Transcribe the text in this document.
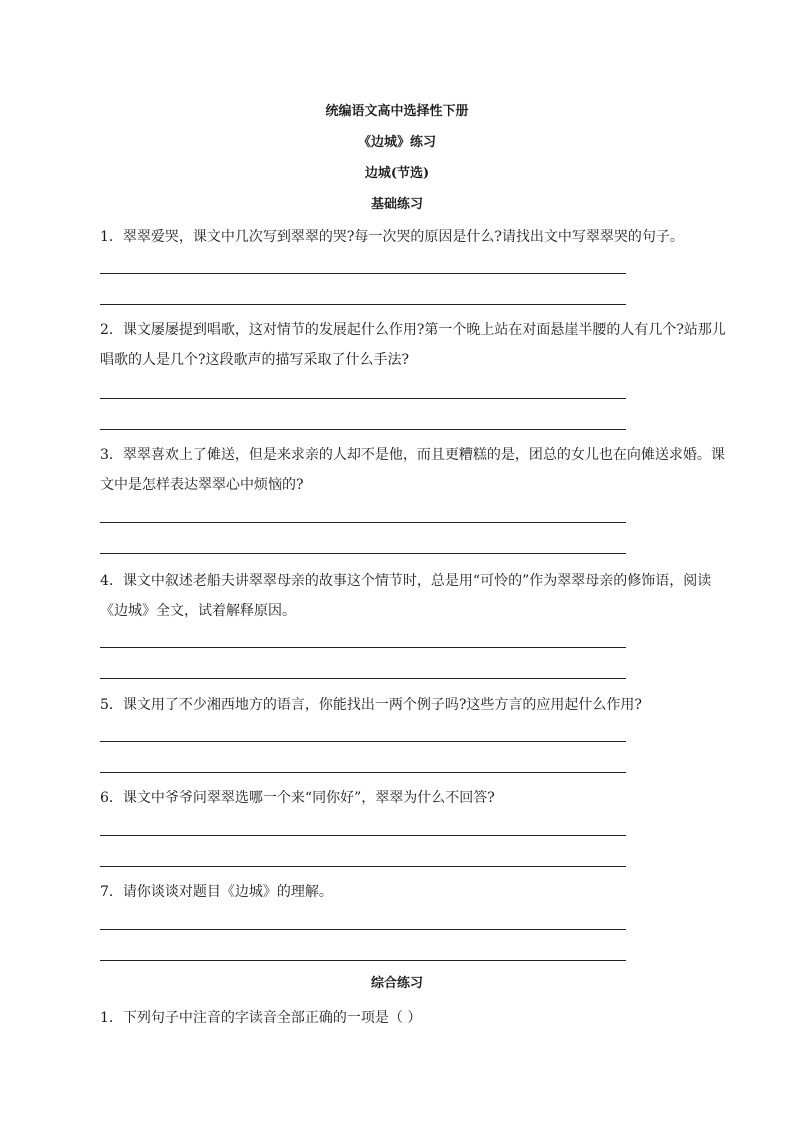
统编语文高中选择性下册
《边城》练习
边城(节选)
基础练习
1．翠翠爱哭，课文中几次写到翠翠的哭?每一次哭的原因是什么?请找出文中写翠翠哭的句子。
2．课文屡屡提到唱歌，这对情节的发展起什么作用?第一个晚上站在对面悬崖半腰的人有几个?站那儿
唱歌的人是几个?这段歌声的描写采取了什么手法?
3．翠翠喜欢上了傩送，但是来求亲的人却不是他，而且更糟糕的是，团总的女儿也在向傩送求婚。课
文中是怎样表达翠翠心中烦恼的?
4．课文中叙述老船夫讲翠翠母亲的故事这个情节时，总是用“可怜的”作为翠翠母亲的修饰语，阅读
《边城》全文，试着解释原因。
5．课文用了不少湘西地方的语言，你能找出一两个例子吗?这些方言的应用起什么作用?
6．课文中爷爷问翠翠选哪一个来“同你好”，翠翠为什么不回答?
7．请你谈谈对题目《边城》的理解。
综合练习
1．下列句子中注音的字读音全部正确的一项是（ ）
